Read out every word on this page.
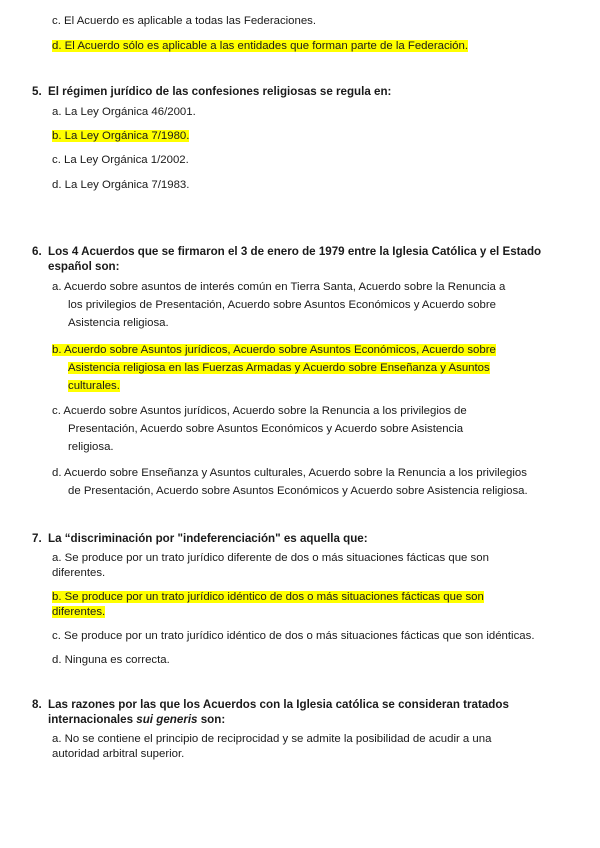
c. El Acuerdo es aplicable a todas las Federaciones.
d. El Acuerdo sólo es aplicable a las entidades que forman parte de la Federación.
5. El régimen jurídico de las confesiones religiosas se regula en:
a. La Ley Orgánica 46/2001.
b. La Ley Orgánica 7/1980.
c. La Ley Orgánica 1/2002.
d. La Ley Orgánica 7/1983.
6. Los 4 Acuerdos que se firmaron el 3 de enero de 1979 entre la Iglesia Católica y el Estado
español son:
a. Acuerdo sobre asuntos de interés común en Tierra Santa, Acuerdo sobre la Renuncia a
los privilegios de Presentación, Acuerdo sobre Asuntos Económicos y Acuerdo sobre
Asistencia religiosa.
b. Acuerdo sobre Asuntos jurídicos, Acuerdo sobre Asuntos Económicos, Acuerdo sobre
Asistencia religiosa en las Fuerzas Armadas y Acuerdo sobre Enseñanza y Asuntos
culturales.
c. Acuerdo sobre Asuntos jurídicos, Acuerdo sobre la Renuncia a los privilegios de
Presentación, Acuerdo sobre Asuntos Económicos y Acuerdo sobre Asistencia
religiosa.
d. Acuerdo sobre Enseñanza y Asuntos culturales, Acuerdo sobre la Renuncia a los privilegios
de Presentación, Acuerdo sobre Asuntos Económicos y Acuerdo sobre Asistencia religiosa.
7. La “discriminación por "indeferenciación" es aquella que:
a. Se produce por un trato jurídico diferente de dos o más situaciones fácticas que son
diferentes.
b. Se produce por un trato jurídico idéntico de dos o más situaciones fácticas que son
diferentes.
c. Se produce por un trato jurídico idéntico de dos o más situaciones fácticas que son idénticas.
d. Ninguna es correcta.
8. Las razones por las que los Acuerdos con la Iglesia católica se consideran tratados
internacionales sui generis son:
a. No se contiene el principio de reciprocidad y se admite la posibilidad de acudir a una
autoridad arbitral superior.
